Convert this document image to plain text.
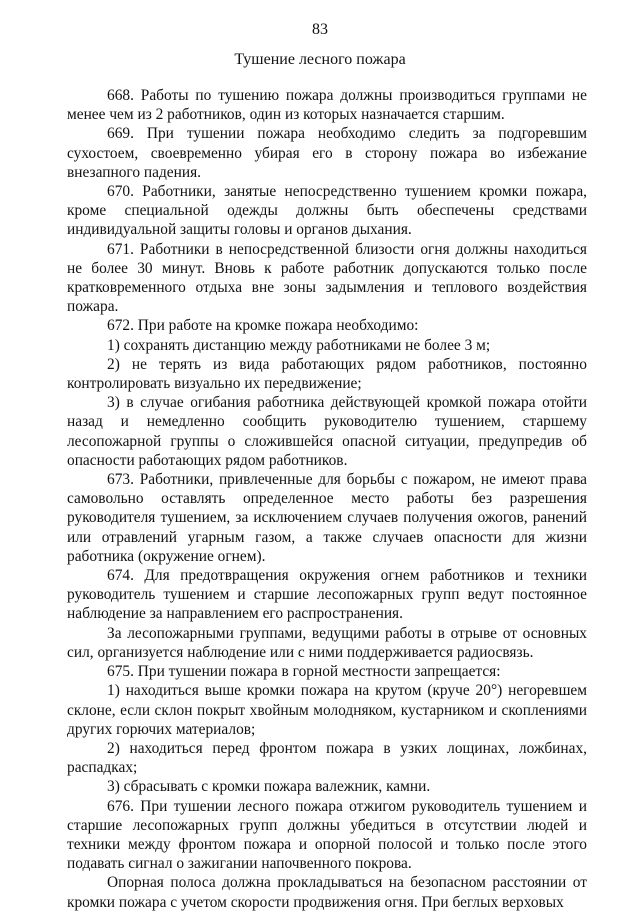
83
Тушение лесного пожара

668. Работы по тушению пожара должны производиться группами не менее чем из 2 работников, один из которых назначается старшим.

669. При тушении пожара необходимо следить за подгоревшим сухостоем, своевременно убирая его в сторону пожара во избежание внезапного падения.

670. Работники, занятые непосредственно тушением кромки пожара, кроме специальной одежды должны быть обеспечены средствами индивидуальной защиты головы и органов дыхания.

671. Работники в непосредственной близости огня должны находиться не более 30 минут. Вновь к работе работник допускаются только после кратковременного отдыха вне зоны задымления и теплового воздействия пожара.

672. При работе на кромке пожара необходимо:

1) сохранять дистанцию между работниками не более 3 м;

2) не терять из вида работающих рядом работников, постоянно контролировать визуально их передвижение;

3) в случае огибания работника действующей кромкой пожара отойти назад и немедленно сообщить руководителю тушением, старшему лесопожарной группы о сложившейся опасной ситуации, предупредив об опасности работающих рядом работников.

673. Работники, привлеченные для борьбы с пожаром, не имеют права самовольно оставлять определенное место работы без разрешения руководителя тушением, за исключением случаев получения ожогов, ранений или отравлений угарным газом, а также случаев опасности для жизни работника (окружение огнем).

674. Для предотвращения окружения огнем работников и техники руководитель тушением и старшие лесопожарных групп ведут постоянное наблюдение за направлением его распространения.

За лесопожарными группами, ведущими работы в отрыве от основных сил, организуется наблюдение или с ними поддерживается радиосвязь.

675. При тушении пожара в горной местности запрещается:

1) находиться выше кромки пожара на крутом (круче 20°) негоревшем склоне, если склон покрыт хвойным молодняком, кустарником и скоплениями других горючих материалов;

2) находиться перед фронтом пожара в узких лощинах, ложбинах, распадках;

3) сбрасывать с кромки пожара валежник, камни.

676. При тушении лесного пожара отжигом руководитель тушением и старшие лесопожарных групп должны убедиться в отсутствии людей и техники между фронтом пожара и опорной полосой и только после этого подавать сигнал о зажигании напочвенного покрова.

Опорная полоса должна прокладываться на безопасном расстоянии от кромки пожара с учетом скорости продвижения огня. При беглых верховых
